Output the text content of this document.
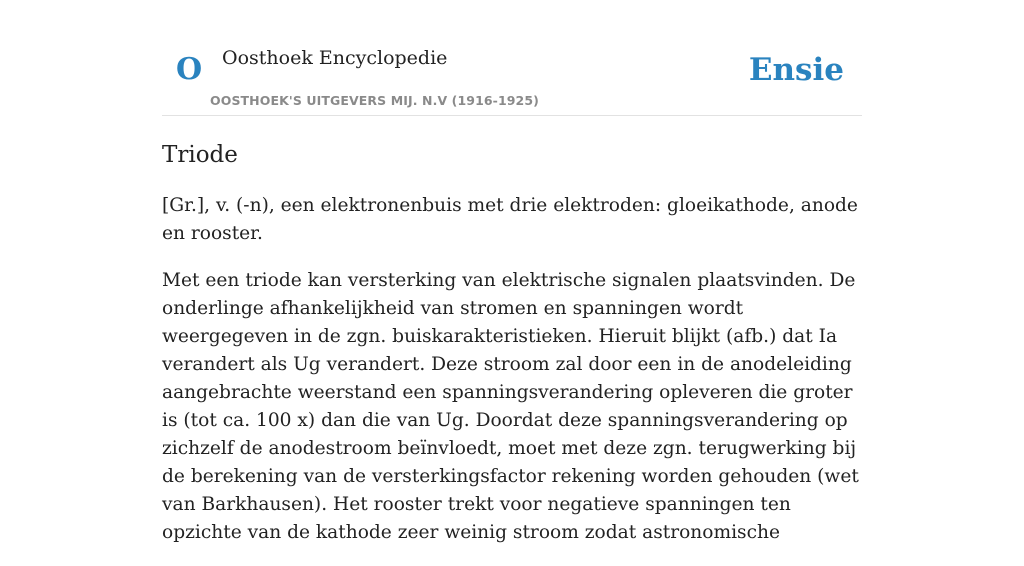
O Oosthoek Encyclopedie
OOSTHOEK'S UITGEVERS MIJ. N.V (1916-1925)
Ensie
Triode

[Gr.], v. (-n), een elektronenbuis met drie elektroden: gloeikathode, anode en rooster.

Met een triode kan versterking van elektrische signalen plaatsvinden. De onderlinge afhankelijkheid van stromen en spanningen wordt weergegeven in de zgn. buiskarakteristieken. Hieruit blijkt (afb.) dat Ia verandert als Ug verandert. Deze stroom zal door een in de anodeleiding aangebrachte weerstand een spanningsverandering opleveren die groter is (tot ca. 100 x) dan die van Ug. Doordat deze spanningsverandering op zichzelf de anodestroom beïnvloedt, moet met deze zgn. terugwerking bij de berekening van de versterkingsfactor rekening worden gehouden (wet van Barkhausen). Het rooster trekt voor negatieve spanningen ten opzichte van de kathode zeer weinig stroom zodat astronomische
